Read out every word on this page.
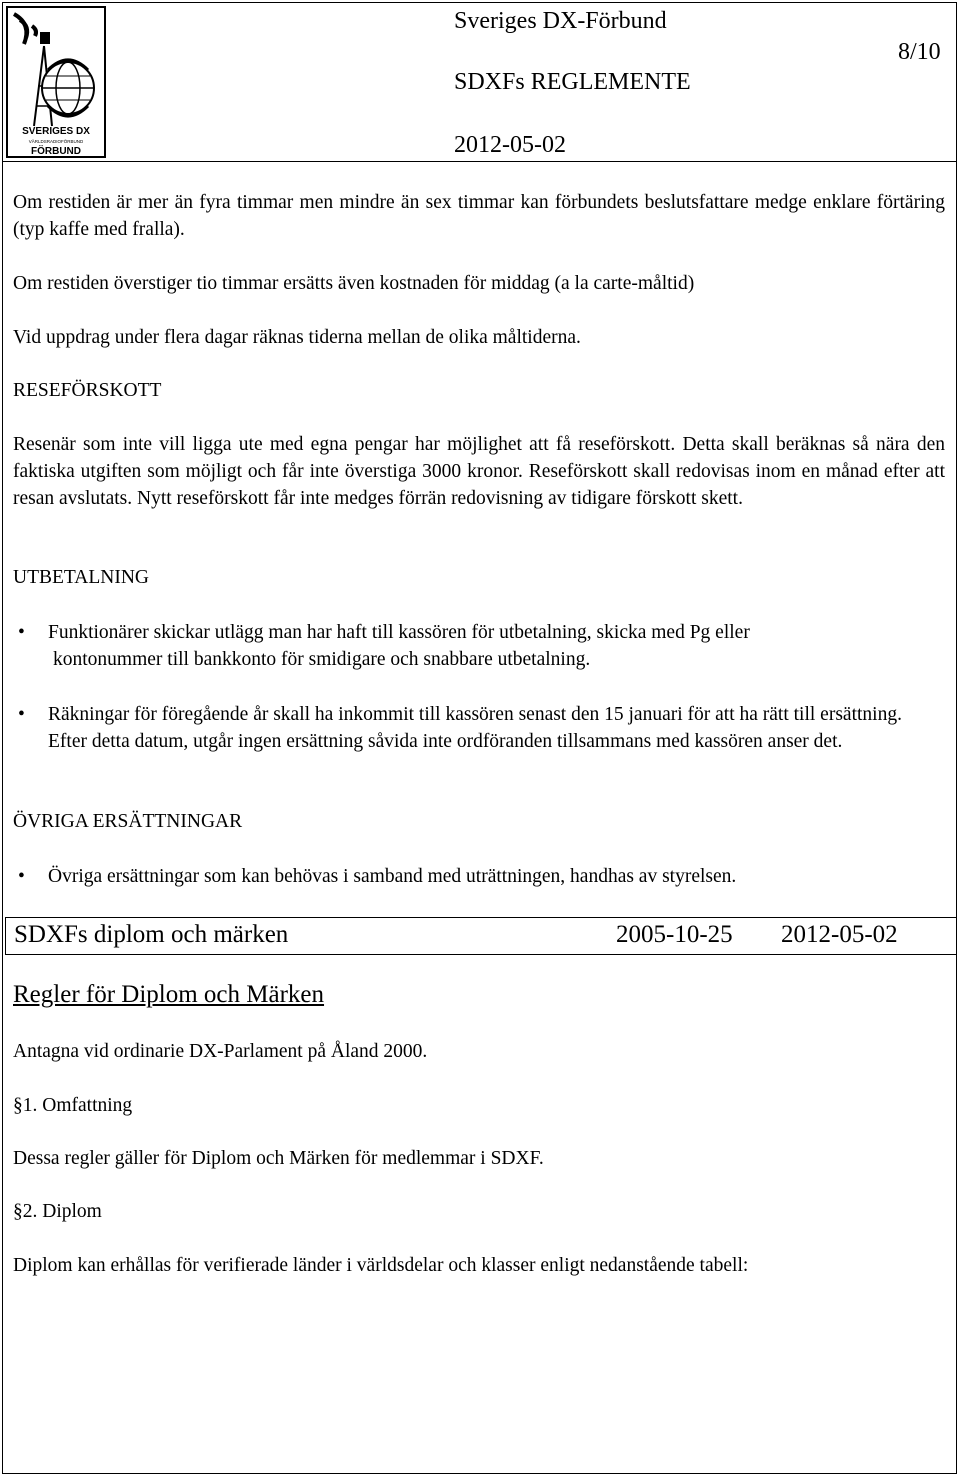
SVERIGES DX
VÄRLDSRADIOFÖRBUND
FÖRBUND
Sveriges DX-Förbund
SDXFs REGLEMENTE
2012-05-02
8/10

Om restiden är mer än fyra timmar men mindre än sex timmar kan förbundets beslutsfattare medge enklare förtäring (typ kaffe med fralla).

Om restiden överstiger tio timmar ersätts även kostnaden för middag (a la carte-måltid)

Vid uppdrag under flera dagar räknas tiderna mellan de olika måltiderna.

RESEFÖRSKOTT

Resenär som inte vill ligga ute med egna pengar har möjlighet att få reseförskott. Detta skall beräknas så nära den faktiska utgiften som möjligt och får inte överstiga 3000 kronor. Reseförskott skall redovisas inom en månad efter att resan avslutats. Nytt reseförskott får inte medges förrän redovisning av tidigare förskott skett.

UTBETALNING

• Funktionärer skickar utlägg man har haft till kassören för utbetalning, skicka med Pg eller
kontonummer till bankkonto för smidigare och snabbare utbetalning.
• Räkningar för föregående år skall ha inkommit till kassören senast den 15 januari för att ha rätt till ersättning. Efter detta datum, utgår ingen ersättning såvida inte ordföranden tillsammans med kassören anser det.

ÖVRIGA ERSÄTTNINGAR

• Övriga ersättningar som kan behövas i samband med uträttningen, handhas av styrelsen.
SDXFs diplom och märken	2005-10-25 2012-05-02
Regler för Diplom och Märken

Antagna vid ordinarie DX-Parlament på Åland 2000.

§1. Omfattning

Dessa regler gäller för Diplom och Märken för medlemmar i SDXF.

§2. Diplom

Diplom kan erhållas för verifierade länder i världsdelar och klasser enligt nedanstående tabell:
